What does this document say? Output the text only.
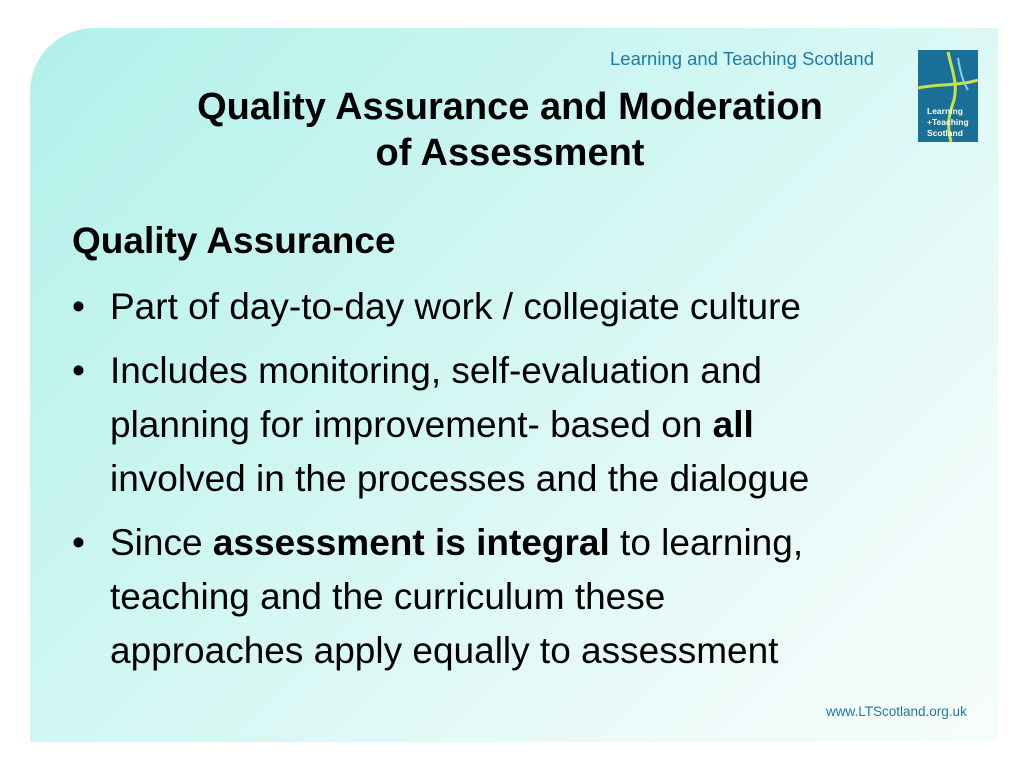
Learning and Teaching Scotland
Learning
+Teaching
Scotland
Quality Assurance and Moderation
of Assessment
Quality Assurance
• Part of day-to-day work / collegiate culture
• Includes monitoring, self-evaluation and
planning for improvement- based on all
involved in the processes and the dialogue
• Since assessment is integral to learning,
teaching and the curriculum these
approaches apply equally to assessment
www.LTScotland.org.uk
